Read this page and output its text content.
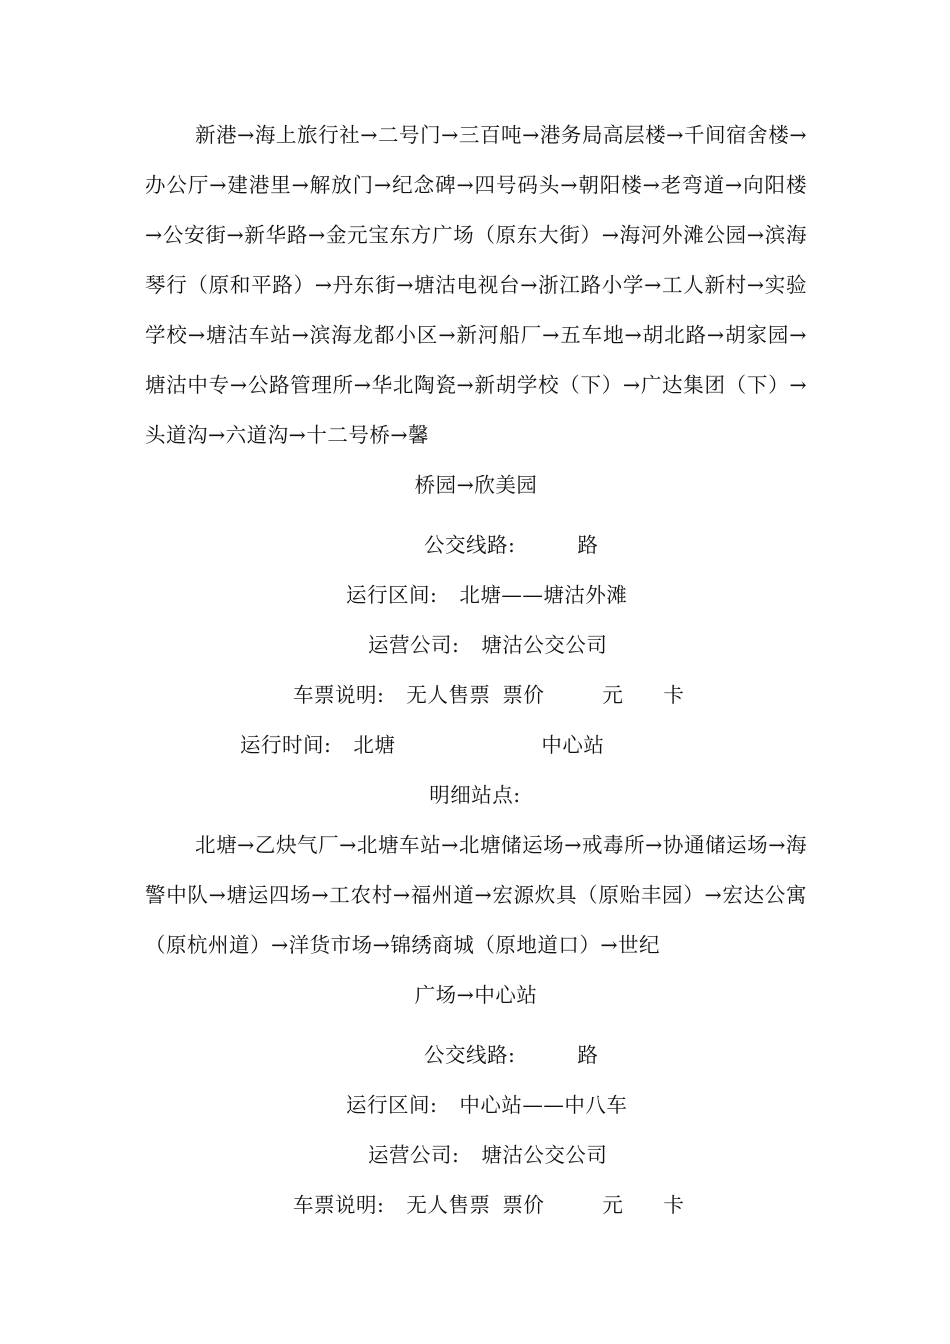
新港→海上旅行社→二号门→三百吨→港务局高层楼→千间宿舍楼→办公厅→建港里→解放门→纪念碑→四号码头→朝阳楼→老弯道→向阳楼→公安街→新华路→金元宝东方广场（原东大街）→海河外滩公园→滨海琴行（原和平路）→丹东街→塘沽电视台→浙江路小学→工人新村→实验学校→塘沽车站→滨海龙都小区→新河船厂→五车地→胡北路→胡家园→塘沽中专→公路管理所→华北陶瓷→新胡学校（下）→广达集团（下）→头道沟→六道沟→十二号桥→馨
桥园→欣美园

公交线路:	路
运行区间: 北塘——塘沽外滩
运营公司: 塘沽公交公司
车票说明: 无人售票 票价	元 卡
运行时间: 北塘	中心站
明细站点:

北塘→乙炔气厂→北塘车站→北塘储运场→戒毒所→协通储运场→海警中队→塘运四场→工农村→福州道→宏源炊具（原贻丰园）→宏达公寓（原杭州道）→洋货市场→锦绣商城（原地道口）→世纪
广场→中心站

公交线路:	路
运行区间: 中心站——中八车
运营公司: 塘沽公交公司
车票说明: 无人售票 票价	元 卡
